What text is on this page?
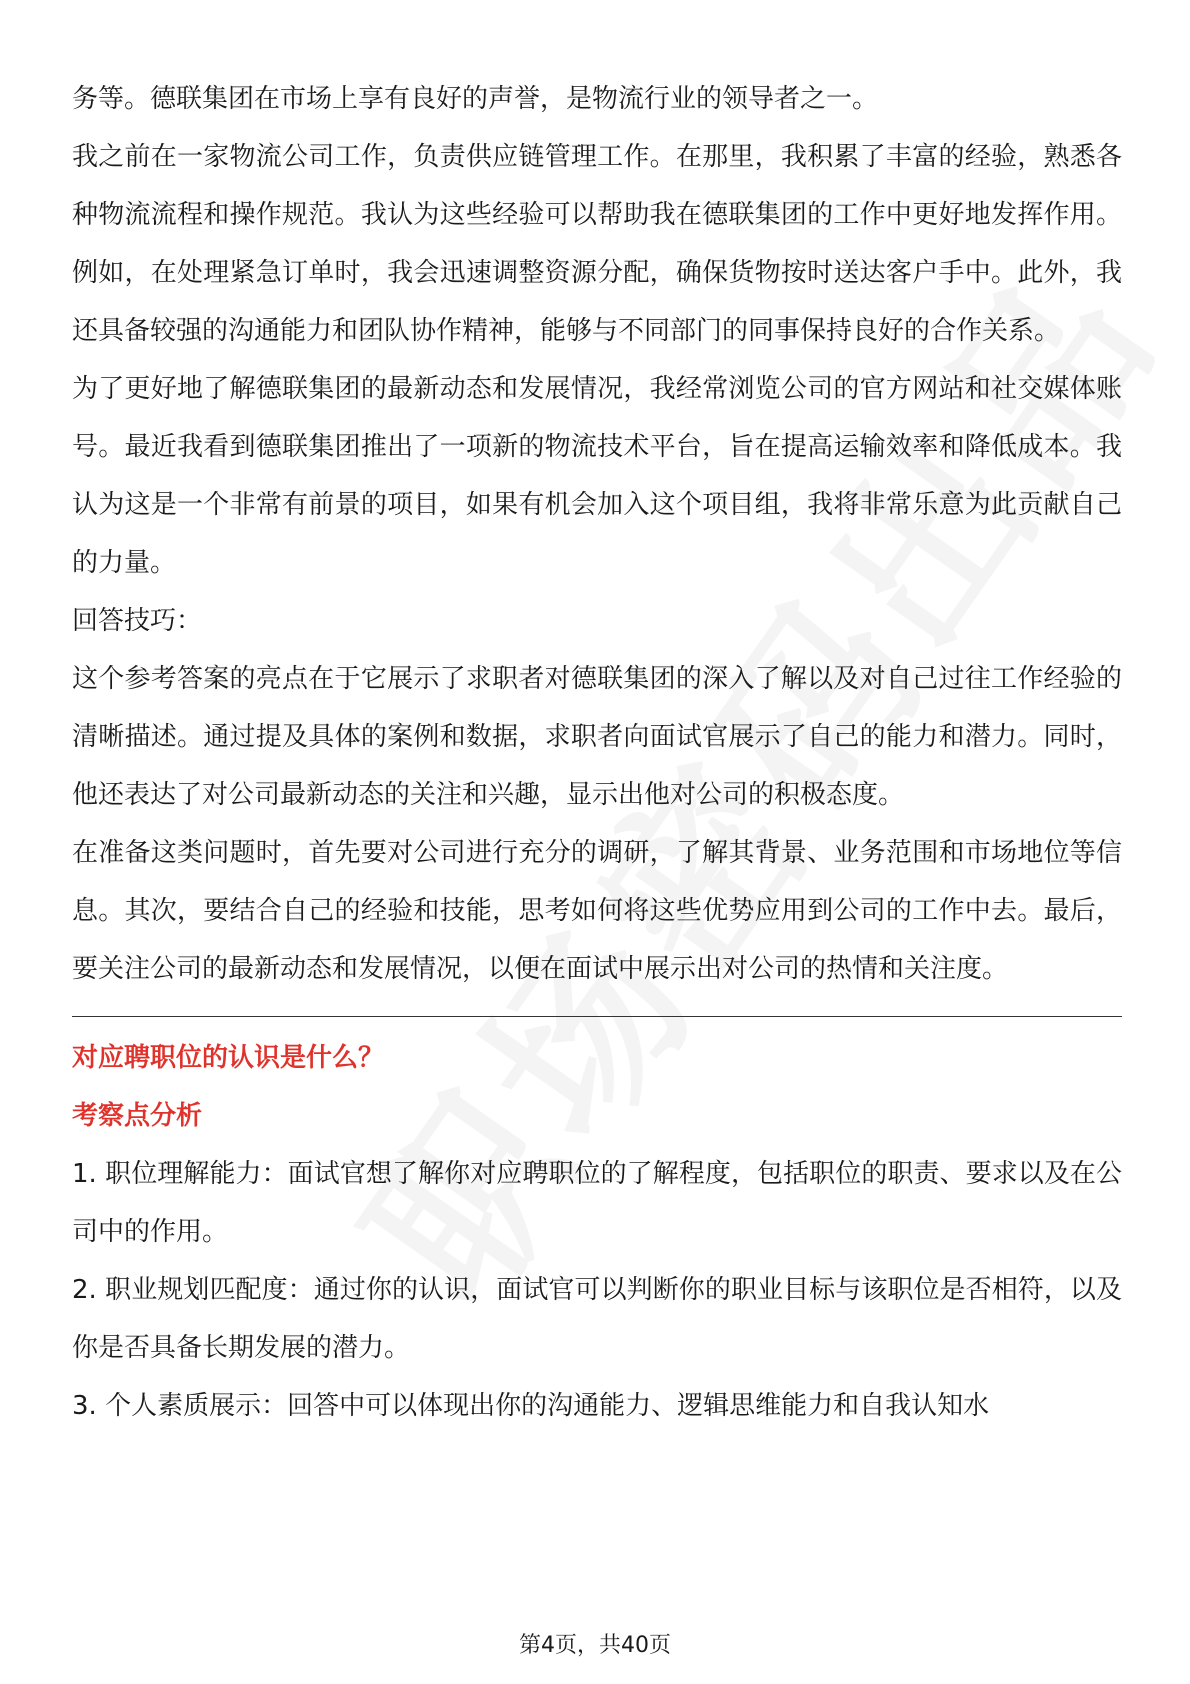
务等。德联集团在市场上享有良好的声誉，是物流行业的领导者之一。

我之前在一家物流公司工作，负责供应链管理工作。在那里，我积累了丰富的经验，熟悉各种物流流程和操作规范。我认为这些经验可以帮助我在德联集团的工作中更好地发挥作用。例如，在处理紧急订单时，我会迅速调整资源分配，确保货物按时送达客户手中。此外，我还具备较强的沟通能力和团队协作精神，能够与不同部门的同事保持良好的合作关系。

为了更好地了解德联集团的最新动态和发展情况，我经常浏览公司的官方网站和社交媒体账号。最近我看到德联集团推出了一项新的物流技术平台，旨在提高运输效率和降低成本。我认为这是一个非常有前景的项目，如果有机会加入这个项目组，我将非常乐意为此贡献自己的力量。

回答技巧：

这个参考答案的亮点在于它展示了求职者对德联集团的深入了解以及对自己过往工作经验的清晰描述。通过提及具体的案例和数据，求职者向面试官展示了自己的能力和潜力。同时，他还表达了对公司最新动态的关注和兴趣，显示出他对公司的积极态度。

在准备这类问题时，首先要对公司进行充分的调研，了解其背景、业务范围和市场地位等信息。其次，要结合自己的经验和技能，思考如何将这些优势应用到公司的工作中去。最后，要关注公司的最新动态和发展情况，以便在面试中展示出对公司的热情和关注度。

对应聘职位的认识是什么？

考察点分析

1. 职位理解能力：面试官想了解你对应聘职位的了解程度，包括职位的职责、要求以及在公司中的作用。

2. 职业规划匹配度：通过你的认识，面试官可以判断你的职业目标与该职位是否相符，以及你是否具备长期发展的潜力。

3. 个人素质展示：回答中可以体现出你的沟通能力、逻辑思维能力和自我认知水

第4页，共40页
